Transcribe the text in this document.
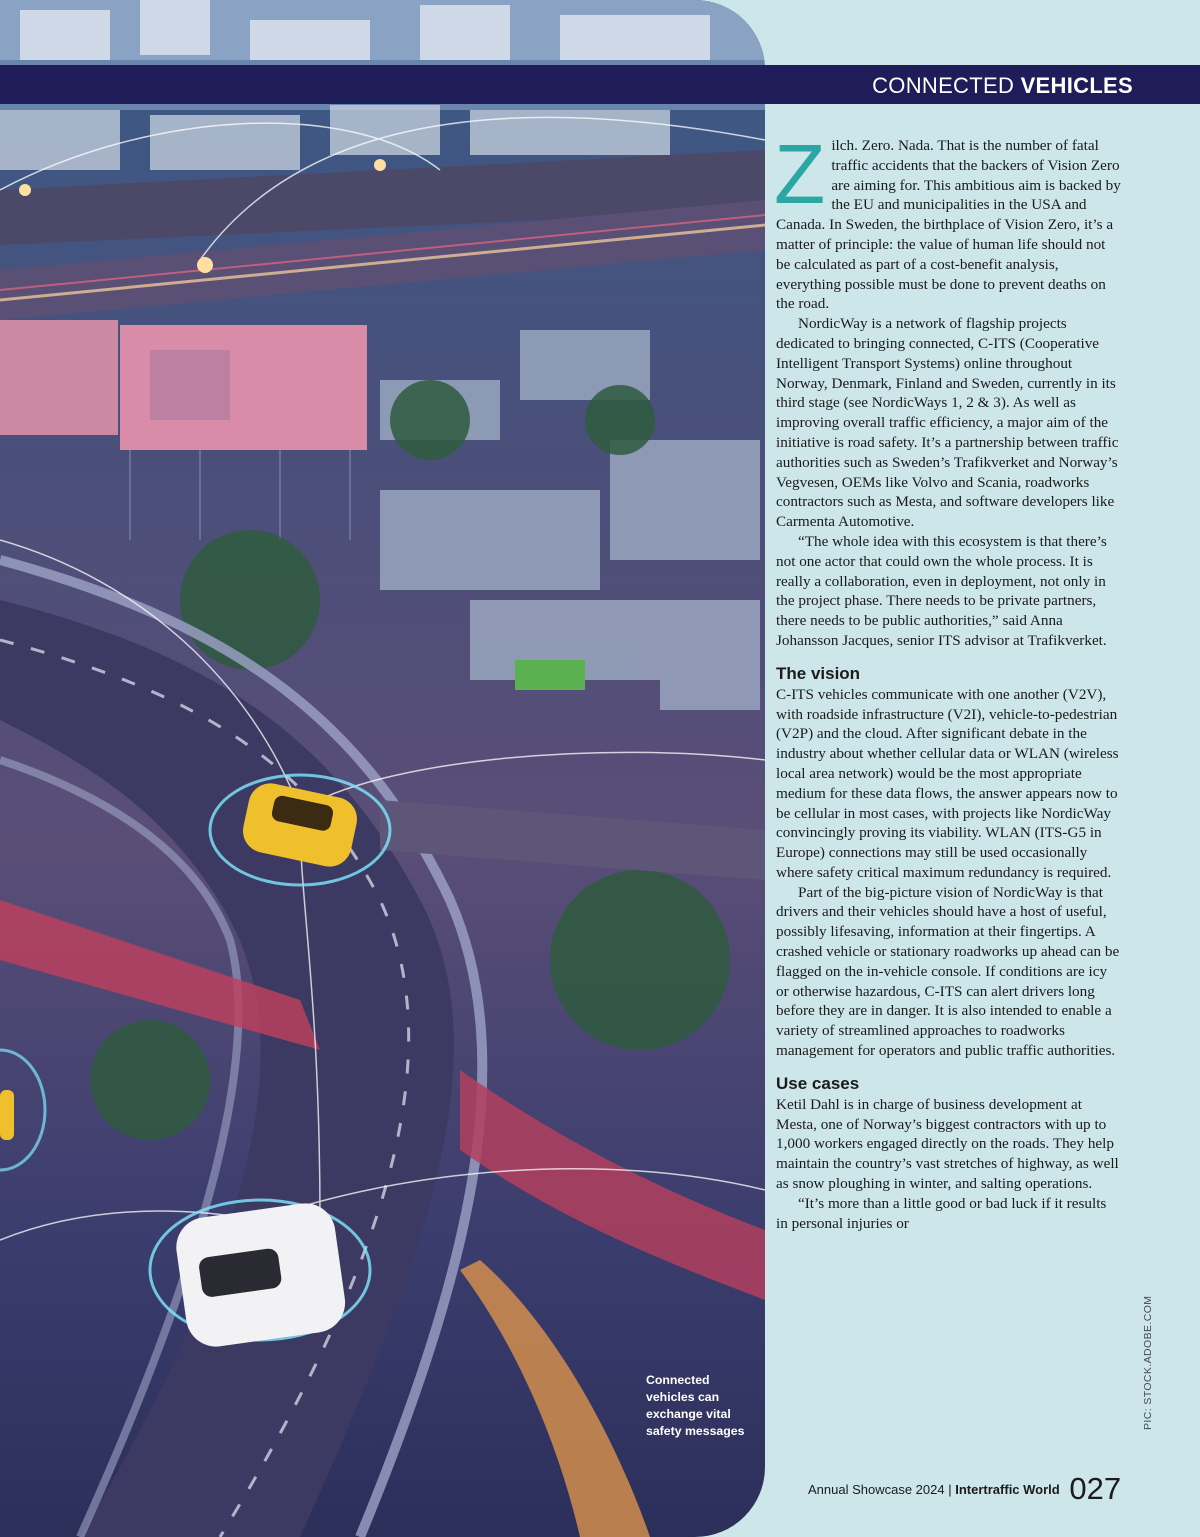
CONNECTED VEHICLES

Zilch. Zero. Nada. That is the number of fatal traffic accidents that the backers of Vision Zero are aiming for. This ambitious aim is backed by the EU and municipalities in the USA and Canada. In Sweden, the birthplace of Vision Zero, it’s a matter of principle: the value of human life should not be calculated as part of a cost-benefit analysis, everything possible must be done to prevent deaths on the road.

NordicWay is a network of flagship projects dedicated to bringing connected, C-ITS (Cooperative Intelligent Transport Systems) online throughout Norway, Denmark, Finland and Sweden, currently in its third stage (see NordicWays 1, 2 & 3). As well as improving overall traffic efficiency, a major aim of the initiative is road safety. It’s a partnership between traffic authorities such as Sweden’s Trafikverket and Norway’s Vegvesen, OEMs like Volvo and Scania, roadworks contractors such as Mesta, and software developers like Carmenta Automotive.

“The whole idea with this ecosystem is that there’s not one actor that could own the whole process. It is really a collaboration, even in deployment, not only in the project phase. There needs to be private partners, there needs to be public authorities,” said Anna Johansson Jacques, senior ITS advisor at Trafikverket.

The vision

C-ITS vehicles communicate with one another (V2V), with roadside infrastructure (V2I), vehicle-to-pedestrian (V2P) and the cloud. After significant debate in the industry about whether cellular data or WLAN (wireless local area network) would be the most appropriate medium for these data flows, the answer appears now to be cellular in most cases, with projects like NordicWay convincingly proving its viability. WLAN (ITS-G5 in Europe) connections may still be used occasionally where safety critical maximum redundancy is required.

Part of the big-picture vision of NordicWay is that drivers and their vehicles should have a host of useful, possibly lifesaving, information at their fingertips. A crashed vehicle or stationary roadworks up ahead can be flagged on the in-vehicle console. If conditions are icy or otherwise hazardous, C-ITS can alert drivers long before they are in danger. It is also intended to enable a variety of streamlined approaches to roadworks management for operators and public traffic authorities.

Use cases

Ketil Dahl is in charge of business development at Mesta, one of Norway’s biggest contractors with up to 1,000 workers engaged directly on the roads. They help maintain the country’s vast stretches of highway, as well as snow ploughing in winter, and salting operations.

“It’s more than a little good or bad luck if it results in personal injuries or

Connected vehicles can exchange vital safety messages
PIC: STOCK.ADOBE.COM
Annual Showcase 2024 | Intertraffic World 027
